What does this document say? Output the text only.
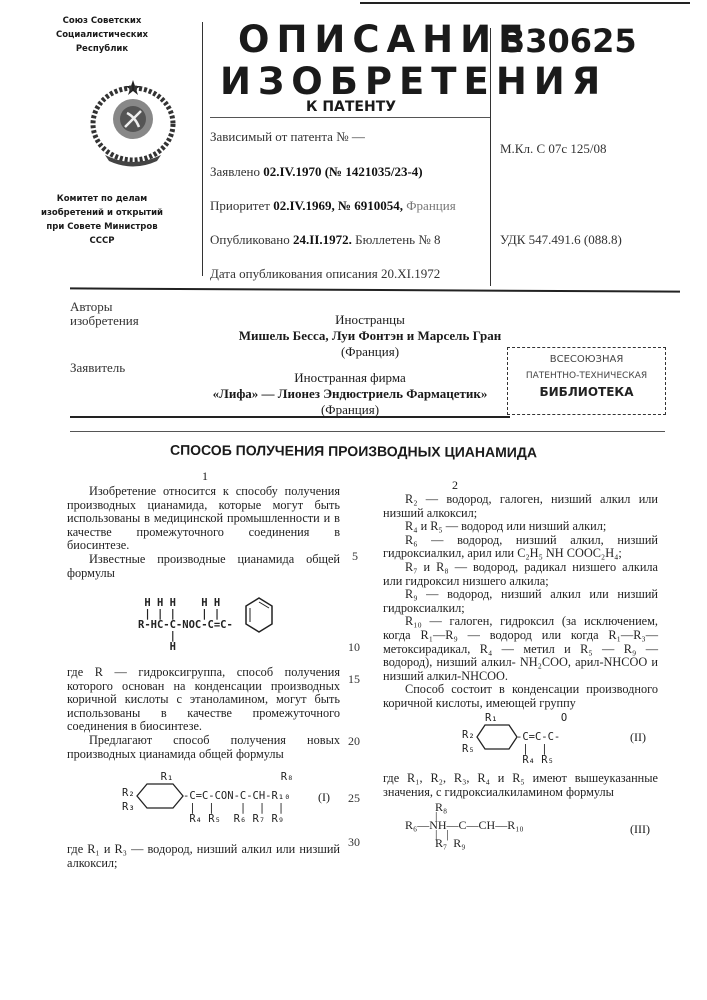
Союз Советских
Социалистических
Республик
Комитет по делам
изобретений и открытий
при Совете Министров
СССР
ОПИСАНИЕ
ИЗОБРЕТЕНИЯ
К ПАТЕНТУ
330625
Зависимый от патента № —
Заявлено 02.IV.1970 (№ 1421035/23-4)
Приоритет 02.IV.1969, № 6910054, Франция
Опубликовано 24.II.1972. Бюллетень № 8
Дата опубликования описания 20.XI.1972
М.Кл. С 07с 125/08
УДК 547.491.6 (088.8)
Авторы
изобретения	Иностранцы
Мишель Бесса, Луи Фонтэн и Марсель Гран
(Франция)
Заявитель
Иностранная фирма
«Лифа» — Лионез Эндюстриель Фармацетик»
(Франция)
ВСЕСОЮЗНАЯ
ПАТЕНТНО-ТЕХНИЧЕСКАЯ
БИБЛИОТЕКА
СПОСОБ ПОЛУЧЕНИЯ ПРОИЗВОДНЫХ ЦИАНАМИДА
1

Изобретение относится к способу получения производных цианамида, которые могут быть использованы в медицинской промышленности и в качестве промежуточного соединения в биосинтезе.

Известные производные цианамида общей формулы

H H H    H H
| | |    | |
R-HC-C-NOC-C=C-
|
H

где R — гидроксигруппа, способ получения которого основан на конденсации производных коричной кислоты с этаноламином, могут быть использованы в качестве промежуточного соединения в биосинтезе.

Предлагают способ получения новых производных цианамида общей формулы

R₁                 R₈
R₂
R₃
-C=C-CON-C-CH-R₁₀
|  |    |  |  |
R₄ R₅  R₆ R₇ R₉
(I)

где R₁ и R₃ — водород, низший алкил или низший алкоксил;

5
10
15
20
25
30
2

R₂ — водород, галоген, низший алкил или низший алкоксил;

R₄ и R₅ — водород или низший алкил;

R₆ — водород, низший алкил, низший гидроксиалкил, арил или C₂H₅ NH COOC₂H₄;

R₇ и R₈ — водород, радикал низшего алкила или гидроксил низшего алкила;

R₉ — водород, низший алкил или низший гидроксиалкил;

R₁₀ — галоген, гидроксил (за исключением, когда R₁—R₉ — водород или когда R₁—R₃—метоксирадикал, R₄ — метил и R₅ — R₉ — водород), низший алкил- NH₂COO, арил-NHCOO и низший алкил-NHCOO.

Способ состоит в конденсации производного коричной кислоты, имеющей группу

R₁          O
R₂
R₅
-C=C-C-
|  |
R₄ R₅
(II)

где R₁, R₂, R₃, R₄ и R₅ имеют вышеуказанные значения, с гидроксиалкиламином формулы

R₈
|
R₆—NH—C—CH—R₁₀
|   |
R₇  R₉
(III)
